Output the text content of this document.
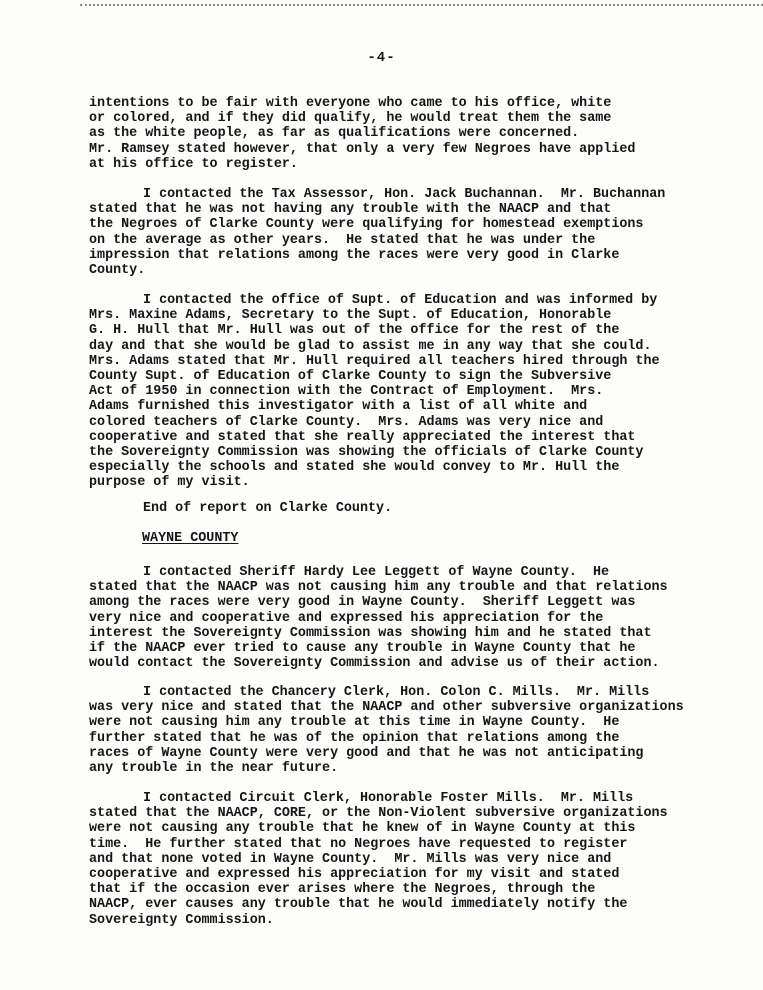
-4-
intentions to be fair with everyone who came to his office, white
or colored, and if they did qualify, he would treat them the same
as the white people, as far as qualifications were concerned.
Mr. Ramsey stated however, that only a very few Negroes have applied
at his office to register.
I contacted the Tax Assessor, Hon. Jack Buchannan.  Mr. Buchannan
stated that he was not having any trouble with the NAACP and that
the Negroes of Clarke County were qualifying for homestead exemptions
on the average as other years.  He stated that he was under the
impression that relations among the races were very good in Clarke
County.
I contacted the office of Supt. of Education and was informed by
Mrs. Maxine Adams, Secretary to the Supt. of Education, Honorable
G. H. Hull that Mr. Hull was out of the office for the rest of the
day and that she would be glad to assist me in any way that she could.
Mrs. Adams stated that Mr. Hull required all teachers hired through the
County Supt. of Education of Clarke County to sign the Subversive
Act of 1950 in connection with the Contract of Employment.  Mrs.
Adams furnished this investigator with a list of all white and
colored teachers of Clarke County.  Mrs. Adams was very nice and
cooperative and stated that she really appreciated the interest that
the Sovereignty Commission was showing the officials of Clarke County
especially the schools and stated she would convey to Mr. Hull the
purpose of my visit.
End of report on Clarke County.
WAYNE COUNTY
I contacted Sheriff Hardy Lee Leggett of Wayne County.  He
stated that the NAACP was not causing him any trouble and that relations
among the races were very good in Wayne County.  Sheriff Leggett was
very nice and cooperative and expressed his appreciation for the
interest the Sovereignty Commission was showing him and he stated that
if the NAACP ever tried to cause any trouble in Wayne County that he
would contact the Sovereignty Commission and advise us of their action.
I contacted the Chancery Clerk, Hon. Colon C. Mills.  Mr. Mills
was very nice and stated that the NAACP and other subversive organizations
were not causing him any trouble at this time in Wayne County.  He
further stated that he was of the opinion that relations among the
races of Wayne County were very good and that he was not anticipating
any trouble in the near future.
I contacted Circuit Clerk, Honorable Foster Mills.  Mr. Mills
stated that the NAACP, CORE, or the Non-Violent subversive organizations
were not causing any trouble that he knew of in Wayne County at this
time.  He further stated that no Negroes have requested to register
and that none voted in Wayne County.  Mr. Mills was very nice and
cooperative and expressed his appreciation for my visit and stated
that if the occasion ever arises where the Negroes, through the
NAACP, ever causes any trouble that he would immediately notify the
Sovereignty Commission.
